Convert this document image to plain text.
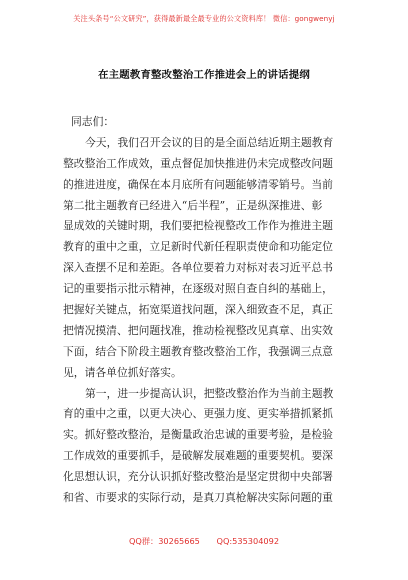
关注头条号“公文研究”，获得最新最全最专业的公文资料库！ 微信：gongwenyj
在主题教育整改整治工作推进会上的讲话提纲
同志们：
今天，我们召开会议的目的是全面总结近期主题教育
整改整治工作成效，重点督促加快推进仍未完成整改问题
的推进进度，确保在本月底所有问题能够清零销号。当前
第二批主题教育已经进入“后半程”，正是纵深推进、彰
显成效的关键时期，我们要把检视整改工作作为推进主题
教育的重中之重，立足新时代新任程职责使命和功能定位
深入查摆不足和差距。各单位要着力对标对表习近平总书
记的重要指示批示精神，在逐级对照自查自纠的基础上，
把握好关键点，拓宽渠道找问题，深入细致查不足，真正
把情况摸清、把问题找准，推动检视整改见真章、出实效
下面，结合下阶段主题教育整改整治工作，我强调三点意
见，请各单位抓好落实。
第一，进一步提高认识，把整改整治作为当前主题教
育的重中之重，以更大决心、更强力度、更实举措抓紧抓
实。抓好整改整治，是衡量政治忠诚的重要考验，是检验
工作成效的重要抓手，是破解发展难题的重要契机。要深
化思想认识，充分认识抓好整改整治是坚定贯彻中央部署
和省、市要求的实际行动，是真刀真枪解决实际问题的重
QQ群：30265665 QQ:535304092
